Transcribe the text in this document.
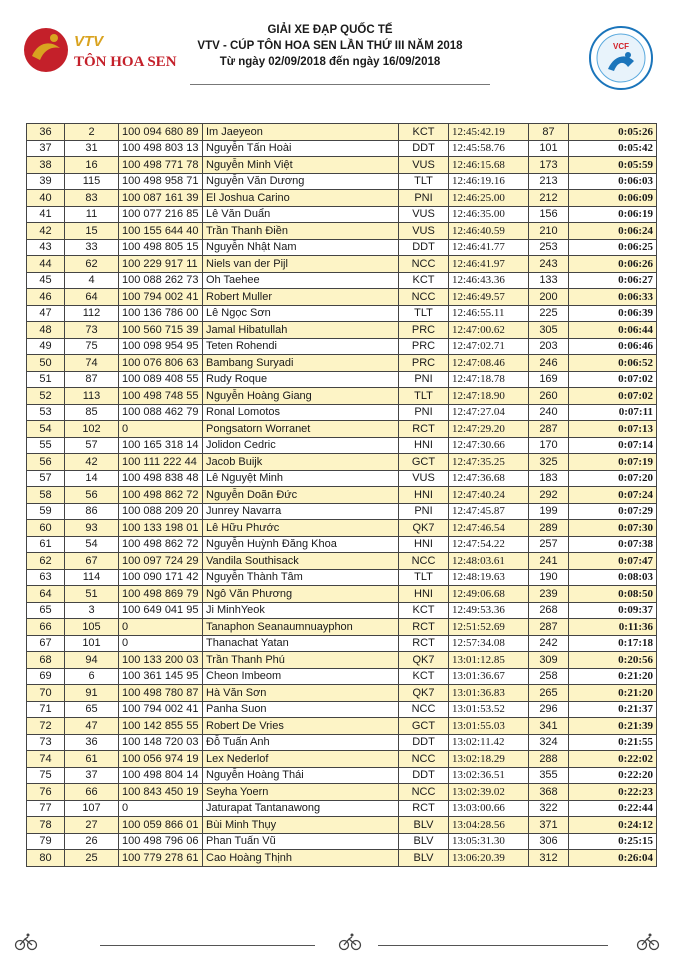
VTV
TÔN HOA SEN
GIẢI XE ĐẠP QUỐC TẾ
VTV - CÚP TÔN HOA SEN LẦN THỨ III NĂM 2018
Từ ngày 02/09/2018 đến ngày 16/09/2018
VCF
36	2	100 094 680 89	Im Jaeyeon	KCT	12:45:42.19	87	0:05:26
37	31	100 498 803 13	Nguyễn Tấn Hoài	DDT	12:45:58.76	101	0:05:42
38	16	100 498 771 78	Nguyễn Minh Việt	VUS	12:46:15.68	173	0:05:59
39	115	100 498 958 71	Nguyễn Văn Dương	TLT	12:46:19.16	213	0:06:03
40	83	100 087 161 39	El Joshua Carino	PNI	12:46:25.00	212	0:06:09
41	11	100 077 216 85	Lê Văn Duẩn	VUS	12:46:35.00	156	0:06:19
42	15	100 155 644 40	Trần Thanh Điền	VUS	12:46:40.59	210	0:06:24
43	33	100 498 805 15	Nguyễn Nhật Nam	DDT	12:46:41.77	253	0:06:25
44	62	100 229 917 11	Niels van der Pijl	NCC	12:46:41.97	243	0:06:26
45	4	100 088 262 73	Oh Taehee	KCT	12:46:43.36	133	0:06:27
46	64	100 794 002 41	Robert Muller	NCC	12:46:49.57	200	0:06:33
47	112	100 136 786 00	Lê Ngọc Sơn	TLT	12:46:55.11	225	0:06:39
48	73	100 560 715 39	Jamal Hibatullah	PRC	12:47:00.62	305	0:06:44
49	75	100 098 954 95	Teten Rohendi	PRC	12:47:02.71	203	0:06:46
50	74	100 076 806 63	Bambang Suryadi	PRC	12:47:08.46	246	0:06:52
51	87	100 089 408 55	Rudy Roque	PNI	12:47:18.78	169	0:07:02
52	113	100 498 748 55	Nguyễn Hoàng Giang	TLT	12:47:18.90	260	0:07:02
53	85	100 088 462 79	Ronal Lomotos	PNI	12:47:27.04	240	0:07:11
54	102	0	Pongsatorn Worranet	RCT	12:47:29.20	287	0:07:13
55	57	100 165 318 14	Jolidon Cedric	HNI	12:47:30.66	170	0:07:14
56	42	100 111 222 44	Jacob Buijk	GCT	12:47:35.25	325	0:07:19
57	14	100 498 838 48	Lê Nguyệt Minh	VUS	12:47:36.68	183	0:07:20
58	56	100 498 862 72	Nguyễn Doãn Đức	HNI	12:47:40.24	292	0:07:24
59	86	100 088 209 20	Junrey Navarra	PNI	12:47:45.87	199	0:07:29
60	93	100 133 198 01	Lê Hữu Phước	QK7	12:47:46.54	289	0:07:30
61	54	100 498 862 72	Nguyễn Huỳnh Đăng Khoa	HNI	12:47:54.22	257	0:07:38
62	67	100 097 724 29	Vandila Southisack	NCC	12:48:03.61	241	0:07:47
63	114	100 090 171 42	Nguyễn Thành Tâm	TLT	12:48:19.63	190	0:08:03
64	51	100 498 869 79	Ngô Văn Phương	HNI	12:49:06.68	239	0:08:50
65	3	100 649 041 95	Ji MinhYeok	KCT	12:49:53.36	268	0:09:37
66	105	0	Tanaphon Seanaumnuayphon	RCT	12:51:52.69	287	0:11:36
67	101	0	Thanachat Yatan	RCT	12:57:34.08	242	0:17:18
68	94	100 133 200 03	Trần Thanh Phú	QK7	13:01:12.85	309	0:20:56
69	6	100 361 145 95	Cheon Imbeom	KCT	13:01:36.67	258	0:21:20
70	91	100 498 780 87	Hà Văn Sơn	QK7	13:01:36.83	265	0:21:20
71	65	100 794 002 41	Panha Suon	NCC	13:01:53.52	296	0:21:37
72	47	100 142 855 55	Robert De Vries	GCT	13:01:55.03	341	0:21:39
73	36	100 148 720 03	Đỗ Tuấn Anh	DDT	13:02:11.42	324	0:21:55
74	61	100 056 974 19	Lex Nederlof	NCC	13:02:18.29	288	0:22:02
75	37	100 498 804 14	Nguyễn Hoàng Thái	DDT	13:02:36.51	355	0:22:20
76	66	100 843 450 19	Seyha Yoern	NCC	13:02:39.02	368	0:22:23
77	107	0	Jaturapat Tantanawong	RCT	13:03:00.66	322	0:22:44
78	27	100 059 866 01	Bùi Minh Thụy	BLV	13:04:28.56	371	0:24:12
79	26	100 498 796 06	Phan Tuấn Vũ	BLV	13:05:31.30	306	0:25:15
80	25	100 779 278 61	Cao Hoàng Thịnh	BLV	13:06:20.39	312	0:26:04
